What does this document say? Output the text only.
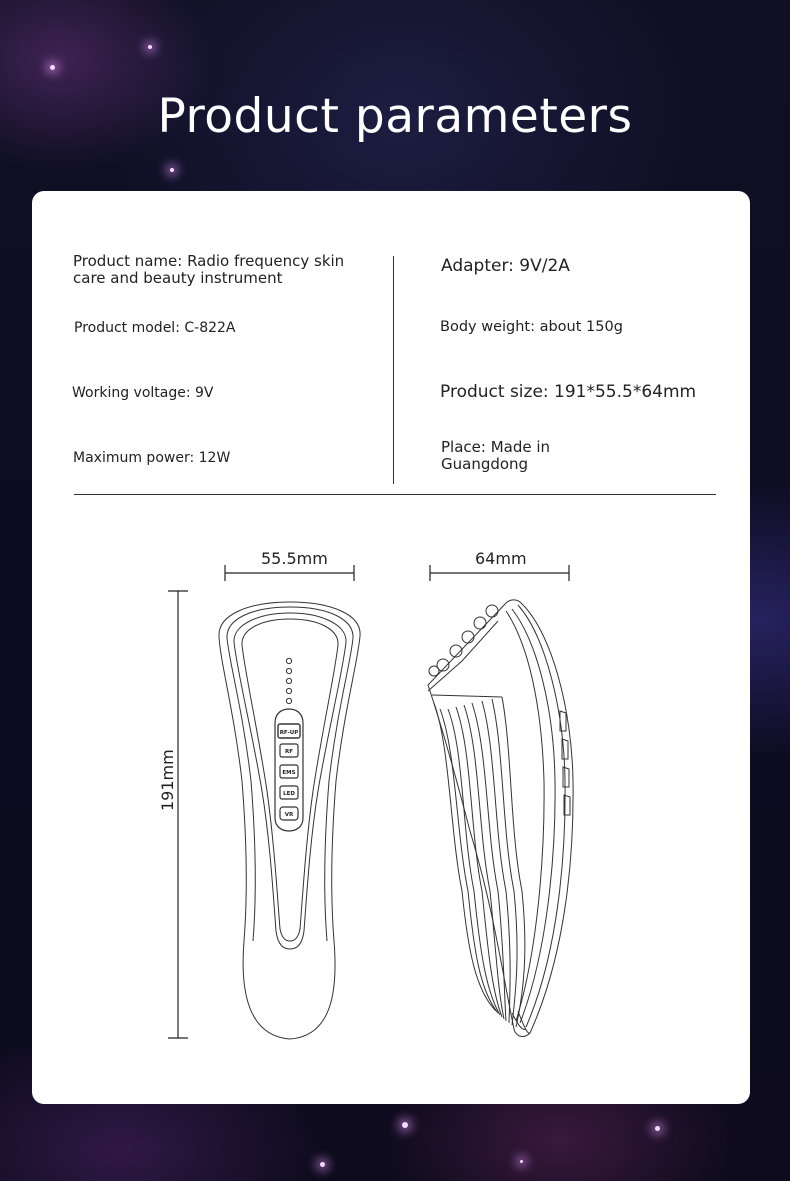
Product parameters
Product name: Radio frequency skin care and beauty instrument
Product model: C-822A
Working voltage: 9V
Maximum power: 12W
Adapter: 9V/2A
Body weight: about 150g
Product size: 191*55.5*64mm
Place: Made in Guangdong
55.5mm	64mm
191mm
RF-UP
RF
EMS
LED
VR
